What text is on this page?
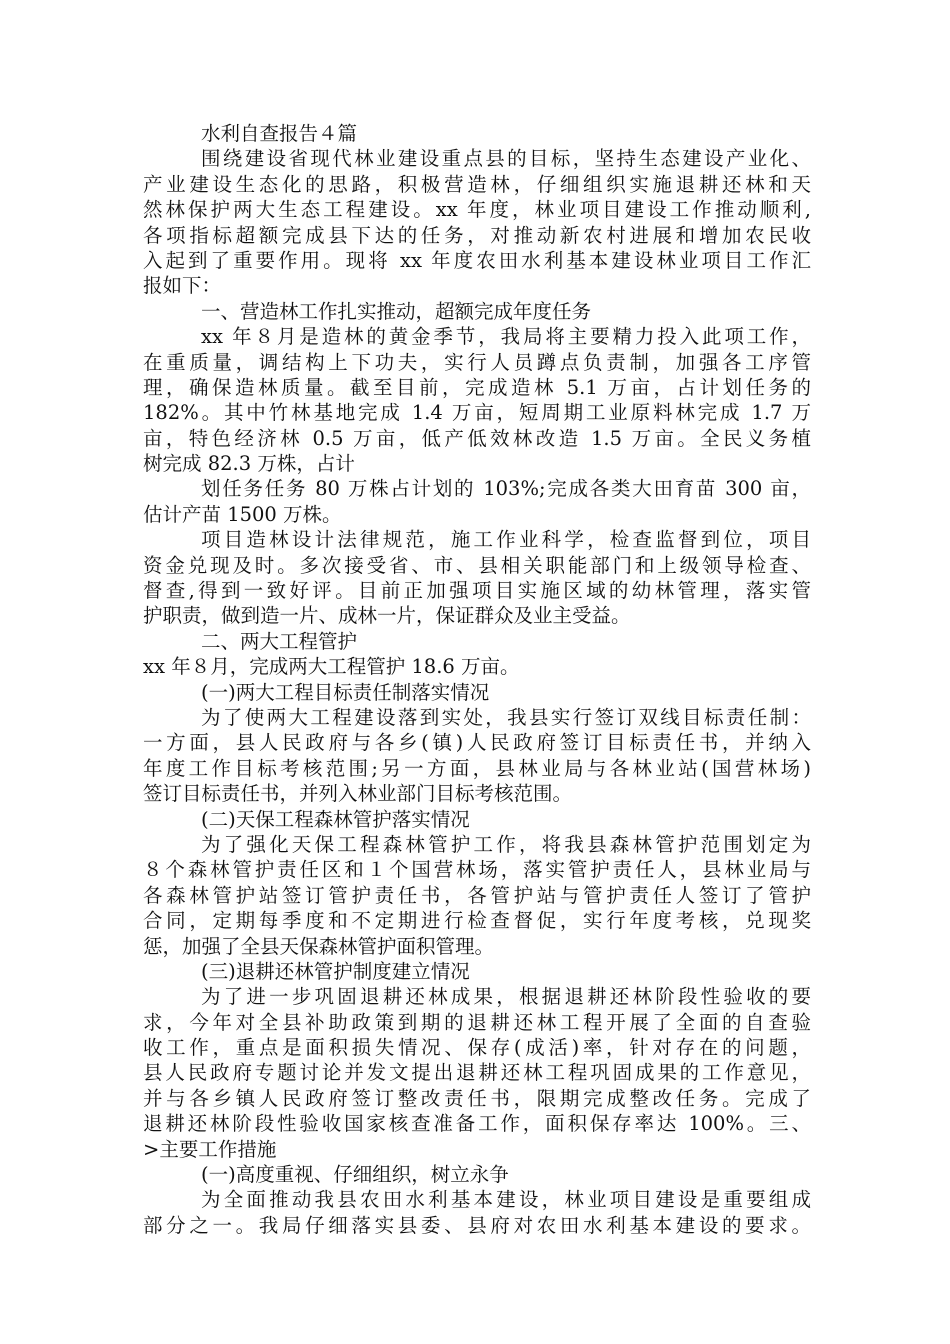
水利自查报告４篇
围绕建设省现代林业建设重点县的目标，坚持生态建设产业化、
产业建设生态化的思路，积极营造林，仔细组织实施退耕还林和天
然林保护两大生态工程建设。xx 年度，林业项目建设工作推动顺利,
各项指标超额完成县下达的任务，对推动新农村进展和增加农民收
入起到了重要作用。现将 xx 年度农田水利基本建设林业项目工作汇
报如下：
一、营造林工作扎实推动，超额完成年度任务
xx 年８月是造林的黄金季节，我局将主要精力投入此项工作，
在重质量，调结构上下功夫，实行人员蹲点负责制，加强各工序管
理，确保造林质量。截至目前，完成造林 5.1 万亩，占计划任务的
182%。其中竹林基地完成 1.4 万亩，短周期工业原料林完成 1.7 万
亩，特色经济林 0.5 万亩，低产低效林改造 1.5 万亩。全民义务植
树完成 82.3 万株，占计
划任务任务 80 万株占计划的 103%;完成各类大田育苗 300 亩，
估计产苗 1500 万株。
项目造林设计法律规范，施工作业科学，检查监督到位，项目
资金兑现及时。多次接受省、市、县相关职能部门和上级领导检查、
督查,得到一致好评。目前正加强项目实施区域的幼林管理，落实管
护职责，做到造一片、成林一片，保证群众及业主受益。
二、两大工程管护
xx 年８月，完成两大工程管护 18.6 万亩。
(一)两大工程目标责任制落实情况
为了使两大工程建设落到实处，我县实行签订双线目标责任制：
一方面，县人民政府与各乡(镇)人民政府签订目标责任书，并纳入
年度工作目标考核范围;另一方面，县林业局与各林业站(国营林场)
签订目标责任书，并列入林业部门目标考核范围。
(二)天保工程森林管护落实情况
为了强化天保工程森林管护工作，将我县森林管护范围划定为
８个森林管护责任区和１个国营林场，落实管护责任人，县林业局与
各森林管护站签订管护责任书，各管护站与管护责任人签订了管护
合同，定期每季度和不定期进行检查督促，实行年度考核，兑现奖
惩，加强了全县天保森林管护面积管理。
(三)退耕还林管护制度建立情况
为了进一步巩固退耕还林成果，根据退耕还林阶段性验收的要
求，今年对全县补助政策到期的退耕还林工程开展了全面的自查验
收工作，重点是面积损失情况、保存(成活)率，针对存在的问题，
县人民政府专题讨论并发文提出退耕还林工程巩固成果的工作意见，
并与各乡镇人民政府签订整改责任书，限期完成整改任务。完成了
退耕还林阶段性验收国家核查准备工作，面积保存率达 100%。三、
>主要工作措施
(一)高度重视、仔细组织，树立永争
为全面推动我县农田水利基本建设，林业项目建设是重要组成
部分之一。我局仔细落实县委、县府对农田水利基本建设的要求。
